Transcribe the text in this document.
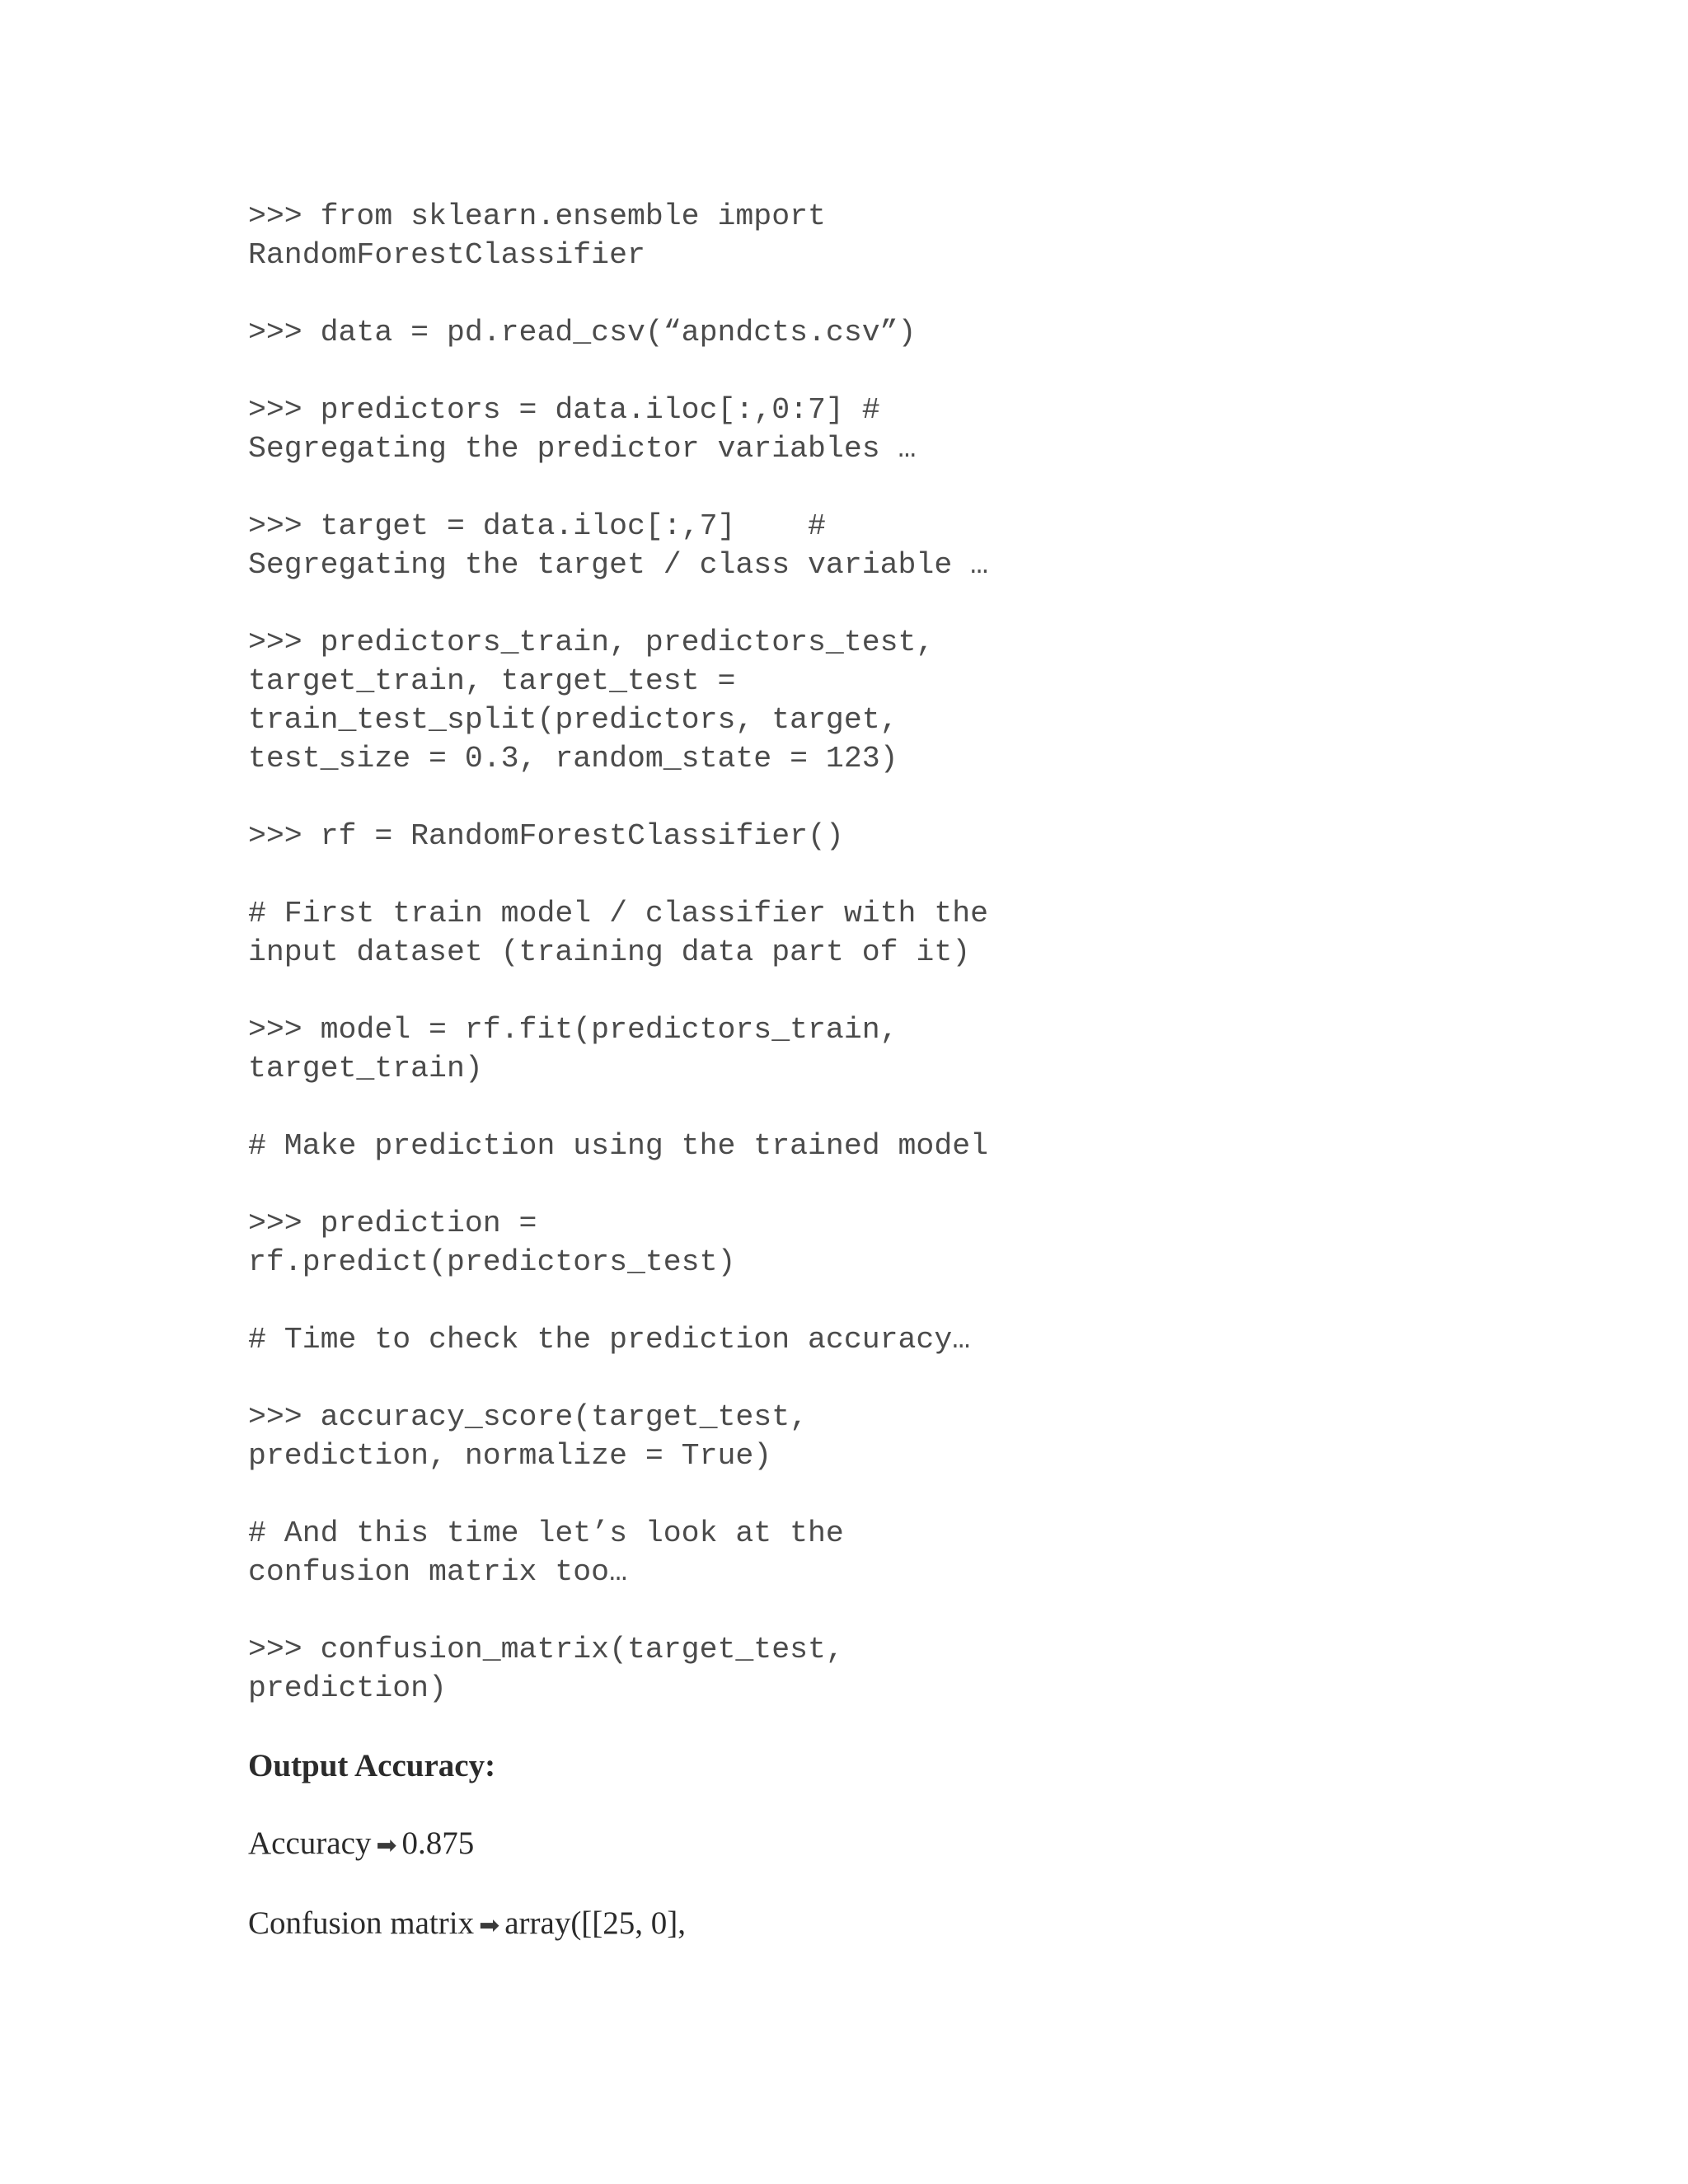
>>> from sklearn.ensemble import
RandomForestClassifier
>>> data = pd.read_csv(“apndcts.csv”)
>>> predictors = data.iloc[:,0:7] #
Segregating the predictor variables …
>>> target = data.iloc[:,7]    #
Segregating the target / class variable …
>>> predictors_train, predictors_test,
target_train, target_test =
train_test_split(predictors, target,
test_size = 0.3, random_state = 123)
>>> rf = RandomForestClassifier()
# First train model / classifier with the
input dataset (training data part of it)
>>> model = rf.fit(predictors_train,
target_train)
# Make prediction using the trained model
>>> prediction =
rf.predict(predictors_test)
# Time to check the prediction accuracy…
>>> accuracy_score(target_test,
prediction, normalize = True)
# And this time let’s look at the
confusion matrix too…
>>> confusion_matrix(target_test,
prediction)
Output Accuracy:
Accuracy ➡ 0.875
Confusion matrix ➡ array([[25, 0],
